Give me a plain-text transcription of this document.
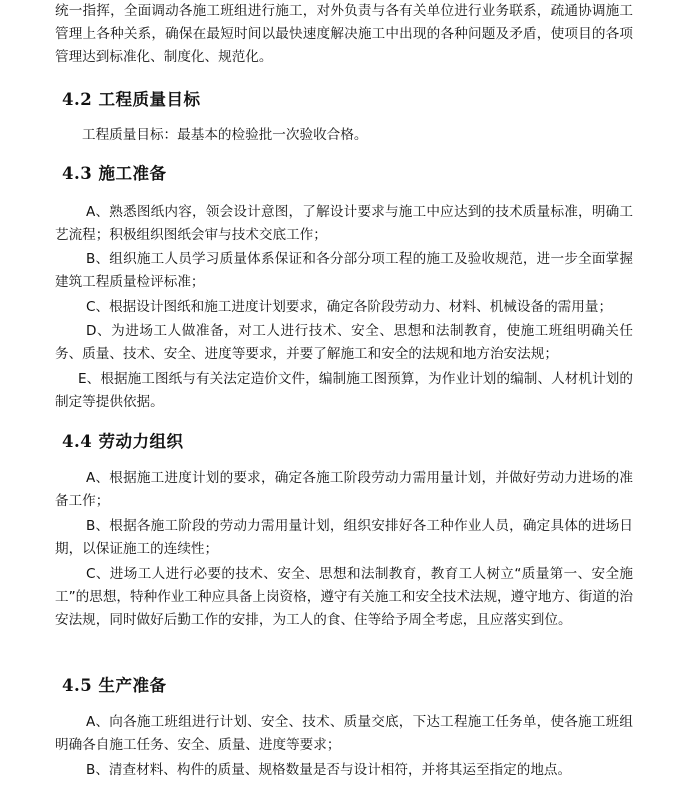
统一指挥，全面调动各施工班组进行施工，对外负责与各有关单位进行业务联系，疏通协调施工管理上各种关系，确保在最短时间以最快速度解决施工中出现的各种问题及矛盾，使项目的各项管理达到标准化、制度化、规范化。
4.2 工程质量目标
工程质量目标：最基本的检验批一次验收合格。
4.3 施工准备
A、熟悉图纸内容，领会设计意图，了解设计要求与施工中应达到的技术质量标准，明确工艺流程；积极组织图纸会审与技术交底工作；
B、组织施工人员学习质量体系保证和各分部分项工程的施工及验收规范，进一步全面掌握建筑工程质量检评标准；
C、根据设计图纸和施工进度计划要求，确定各阶段劳动力、材料、机械设备的需用量；
D、为进场工人做准备，对工人进行技术、安全、思想和法制教育，使施工班组明确关任务、质量、技术、安全、进度等要求，并要了解施工和安全的法规和地方治安法规；
E、根据施工图纸与有关法定造价文件，编制施工图预算，为作业计划的编制、人材机计划的制定等提供依据。
4.4 劳动力组织
A、根据施工进度计划的要求，确定各施工阶段劳动力需用量计划，并做好劳动力进场的准备工作；
B、根据各施工阶段的劳动力需用量计划，组织安排好各工种作业人员，确定具体的进场日期，以保证施工的连续性；
C、进场工人进行必要的技术、安全、思想和法制教育，教育工人树立“质量第一、安全施工”的思想，特种作业工种应具备上岗资格，遵守有关施工和安全技术法规，遵守地方、街道的治安法规，同时做好后勤工作的安排，为工人的食、住等给予周全考虑，且应落实到位。
4.5 生产准备
A、向各施工班组进行计划、安全、技术、质量交底，下达工程施工任务单，使各施工班组明确各自施工任务、安全、质量、进度等要求；
B、清查材料、构件的质量、规格数量是否与设计相符，并将其运至指定的地点。
